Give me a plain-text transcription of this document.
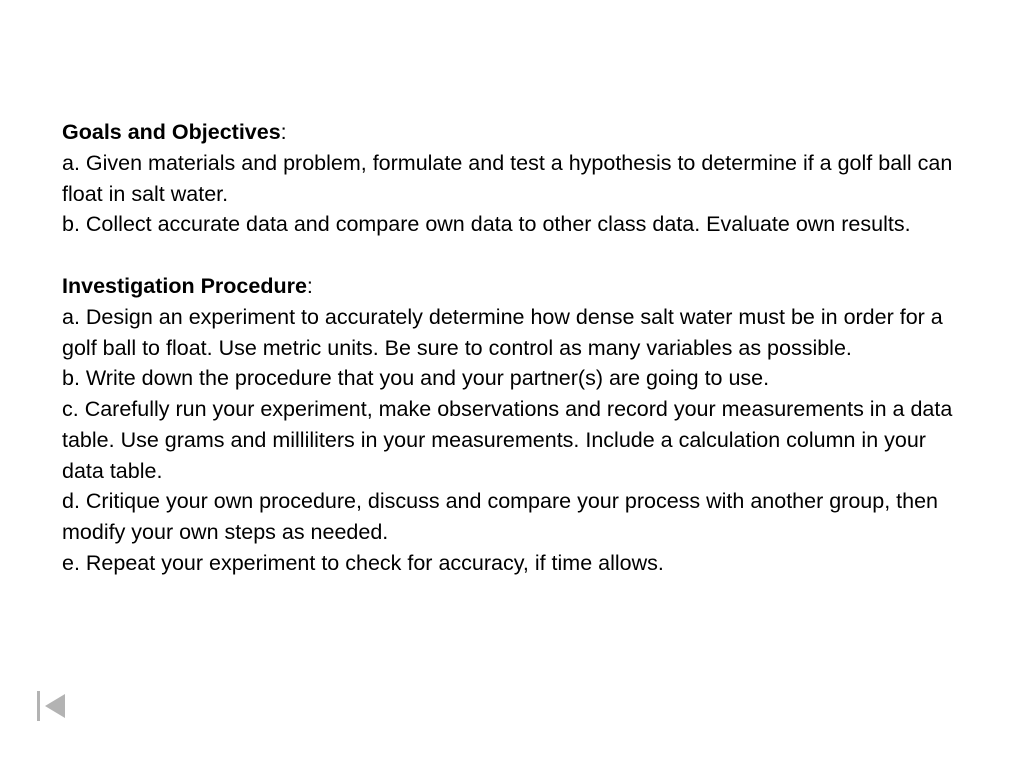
Goals and Objectives:

a. Given materials and problem, formulate and test a hypothesis to determine if a golf ball can float in salt water.

b. Collect accurate data and compare own data to other class data. Evaluate own results.

Investigation Procedure:

a. Design an experiment to accurately determine how dense salt water must be in order for a golf ball to float. Use metric units. Be sure to control as many variables as possible.

b. Write down the procedure that you and your partner(s) are going to use.

c. Carefully run your experiment, make observations and record your measurements in a data table. Use grams and milliliters in your measurements. Include a calculation column in your data table.

d. Critique your own procedure, discuss and compare your process with another group, then modify your own steps as needed.

e. Repeat your experiment to check for accuracy, if time allows.
